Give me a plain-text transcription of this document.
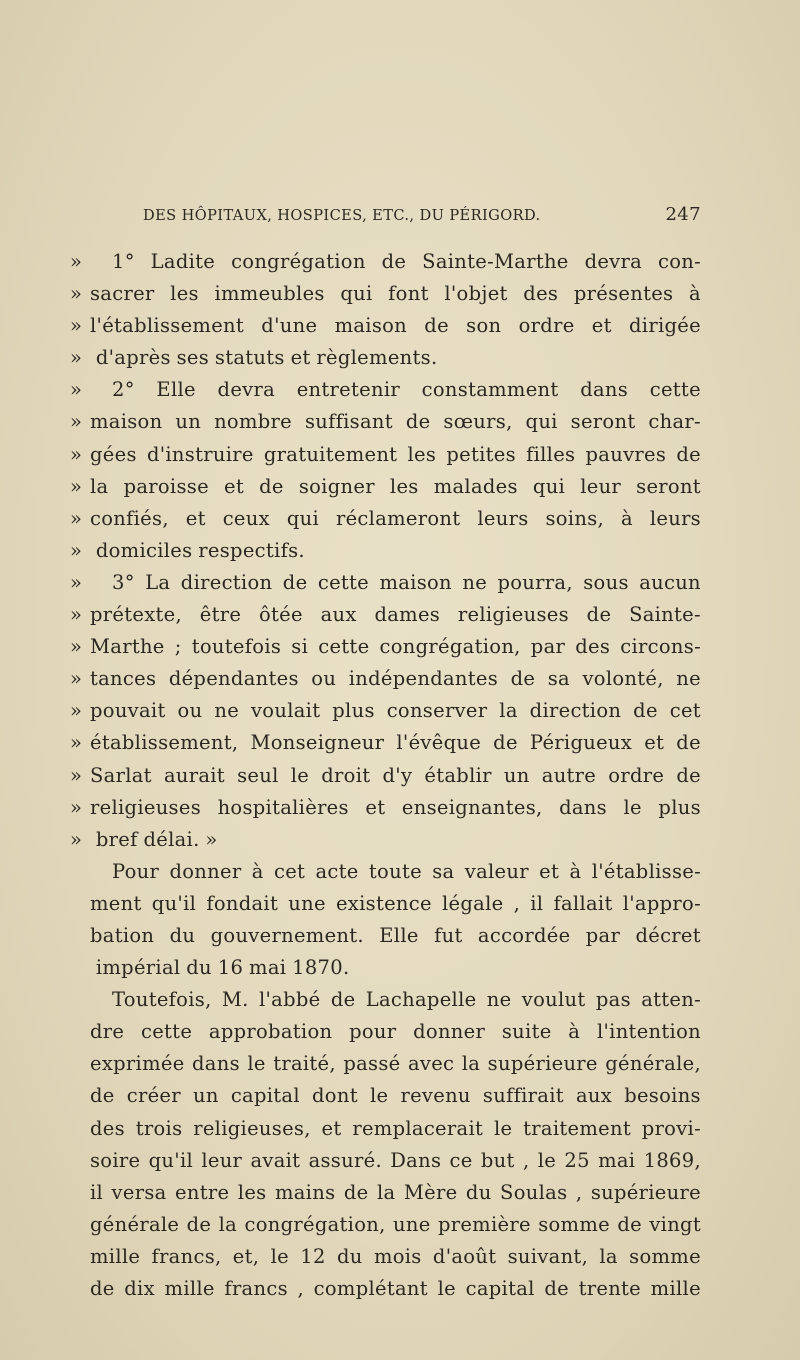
DES HÔPITAUX, HOSPICES, ETC., DU PÉRIGORD.	247
»	1° Ladite congrégation de Sainte-Marthe devra con-
» sacrer les immeubles qui font l'objet des présentes à
» l'établissement d'une maison de son ordre et dirigée
» d'après ses statuts et règlements.
»	2° Elle devra entretenir constamment dans cette
» maison un nombre suffisant de sœurs, qui seront char-
» gées d'instruire gratuitement les petites filles pauvres de
» la paroisse et de soigner les malades qui leur seront
» confiés, et ceux qui réclameront leurs soins, à leurs
» domiciles respectifs.
»	3° La direction de cette maison ne pourra, sous aucun
» prétexte, être ôtée aux dames religieuses de Sainte-
» Marthe ; toutefois si cette congrégation, par des circons-
» tances dépendantes ou indépendantes de sa volonté, ne
» pouvait ou ne voulait plus conserver la direction de cet
» établissement, Monseigneur l'évêque de Périgueux et de
» Sarlat aurait seul le droit d'y établir un autre ordre de
» religieuses hospitalières et enseignantes, dans le plus
» bref délai. »
Pour donner à cet acte toute sa valeur et à l'établisse-
ment qu'il fondait une existence légale , il fallait l'appro-
bation du gouvernement. Elle fut accordée par décret
impérial du 16 mai 1870.
Toutefois, M. l'abbé de Lachapelle ne voulut pas atten-
dre cette approbation pour donner suite à l'intention
exprimée dans le traité, passé avec la supérieure générale,
de créer un capital dont le revenu suffirait aux besoins
des trois religieuses, et remplacerait le traitement provi-
soire qu'il leur avait assuré. Dans ce but , le 25 mai 1869,
il versa entre les mains de la Mère du Soulas , supérieure
générale de la congrégation, une première somme de vingt
mille francs, et, le 12 du mois d'août suivant, la somme
de dix mille francs , complétant le capital de trente mille
